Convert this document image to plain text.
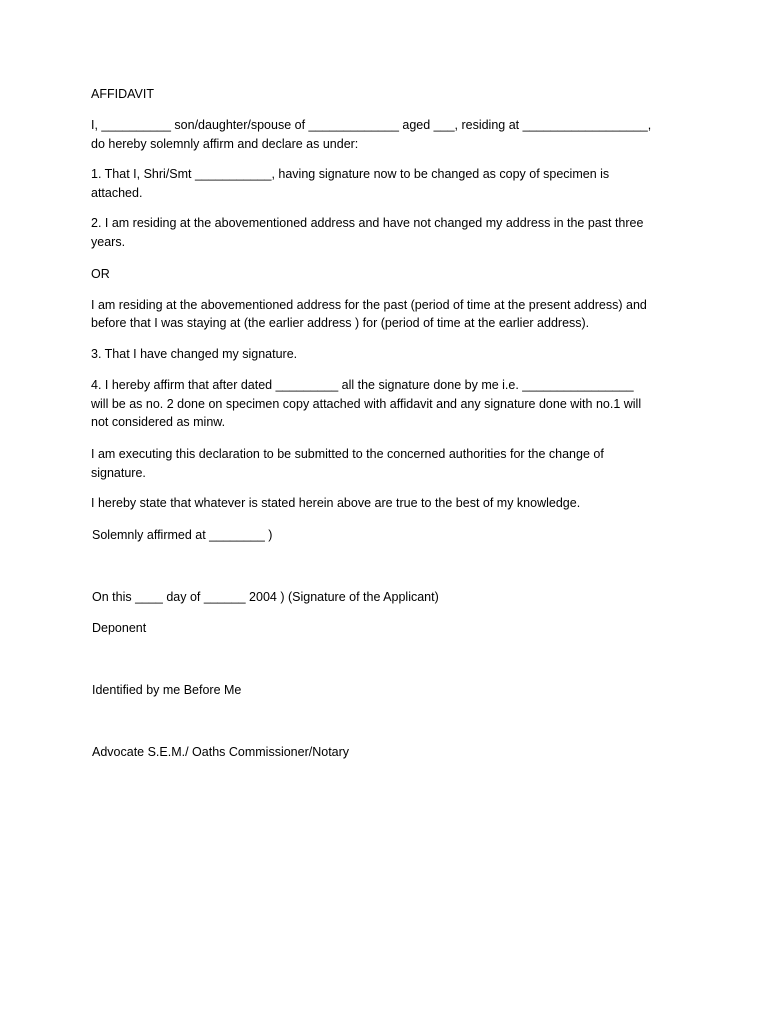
AFFIDAVIT
I, __________ son/daughter/spouse of _____________ aged ___, residing at __________________,
do hereby solemnly affirm and declare as under:
1. That I, Shri/Smt ___________, having signature now to be changed as copy of specimen is
attached.
2. I am residing at the abovementioned address and have not changed my address in the past three
years.
OR
I am residing at the abovementioned address for the past (period of time at the present address) and
before that I was staying at (the earlier address ) for (period of time at the earlier address).
3. That I have changed my signature.
4. I hereby affirm that after dated _________ all the signature done by me i.e. ________________
will be as no. 2 done on specimen copy attached with affidavit and any signature done with no.1 will
not considered as minw.
I am executing this declaration to be submitted to the concerned authorities for the change of
signature.
I hereby state that whatever is stated herein above are true to the best of my knowledge.
Solemnly affirmed at ________ )
On this ____ day of ______ 2004 ) (Signature of the Applicant)
Deponent
Identified by me Before Me
Advocate S.E.M./ Oaths Commissioner/Notary
